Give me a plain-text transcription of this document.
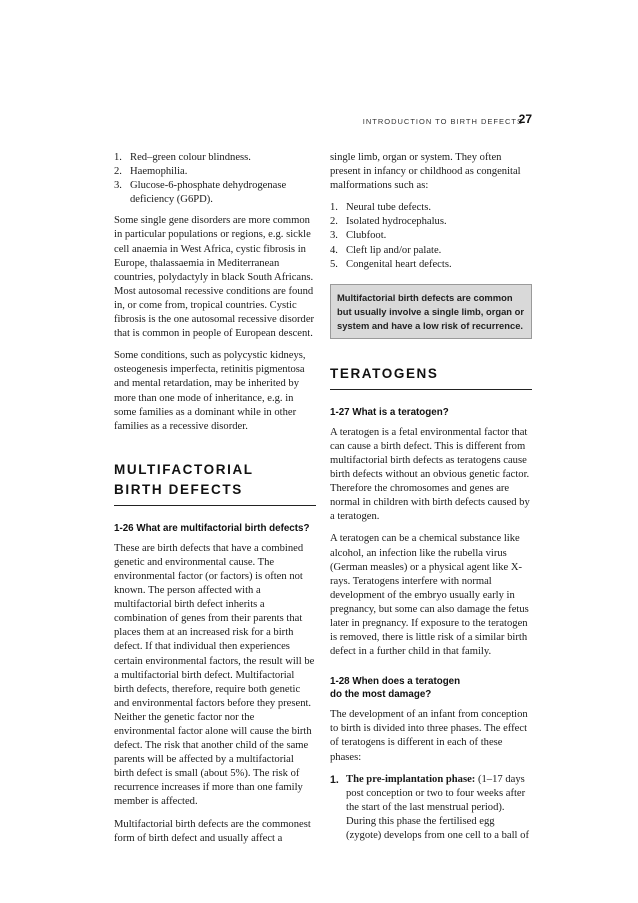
INTRODUCTION TO BIRTH DEFECTS
27
1. Red–green colour blindness.
2. Haemophilia.
3. Glucose-6-phosphate dehydrogenase deficiency (G6PD).

Some single gene disorders are more common in particular populations or regions, e.g. sickle cell anaemia in West Africa, cystic fibrosis in Europe, thalassaemia in Mediterranean countries, polydactyly in black South Africans. Most autosomal recessive conditions are found in, or come from, tropical countries. Cystic fibrosis is the one autosomal recessive disorder that is common in people of European descent.

Some conditions, such as polycystic kidneys, osteogenesis imperfecta, retinitis pigmentosa and mental retardation, may be inherited by more than one mode of inheritance, e.g. in some families as a dominant while in other families as a recessive disorder.

MULTIFACTORIAL
BIRTH DEFECTS
1-26 What are multifactorial birth defects?

These are birth defects that have a combined genetic and environmental cause. The environmental factor (or factors) is often not known. The person affected with a multifactorial birth defect inherits a combination of genes from their parents that places them at an increased risk for a birth defect. If that individual then experiences certain environmental factors, the result will be a multifactorial birth defect. Multifactorial birth defects, therefore, require both genetic and environmental factors before they present. Neither the genetic factor nor the environmental factor alone will cause the birth defect. The risk that another child of the same parents will be affected by a multifactorial birth defect is small (about 5%). The risk of recurrence increases if more than one family member is affected.

Multifactorial birth defects are the commonest form of birth defect and usually affect a

single limb, organ or system. They often present in infancy or childhood as congenital malformations such as:

1. Neural tube defects.
2. Isolated hydrocephalus.
3. Clubfoot.
4. Cleft lip and/or palate.
5. Congenital heart defects.
Multifactorial birth defects are common but usually involve a single limb, organ or system and have a low risk of recurrence.
TERATOGENS
1-27 What is a teratogen?

A teratogen is a fetal environmental factor that can cause a birth defect. This is different from multifactorial birth defects as teratogens cause birth defects without an obvious genetic factor. Therefore the chromosomes and genes are normal in children with birth defects caused by a teratogen.

A teratogen can be a chemical substance like alcohol, an infection like the rubella virus (German measles) or a physical agent like X-rays. Teratogens interfere with normal development of the embryo usually early in pregnancy, but some can also damage the fetus later in pregnancy. If exposure to the teratogen is removed, there is little risk of a similar birth defect in a further child in that family.

1-28 When does a teratogen
do the most damage?

The development of an infant from conception to birth is divided into three phases. The effect of teratogens is different in each of these phases:

1. The pre-implantation phase: (1–17 days post conception or two to four weeks after the start of the last menstrual period). During this phase the fertilised egg (zygote) develops from one cell to a ball of
